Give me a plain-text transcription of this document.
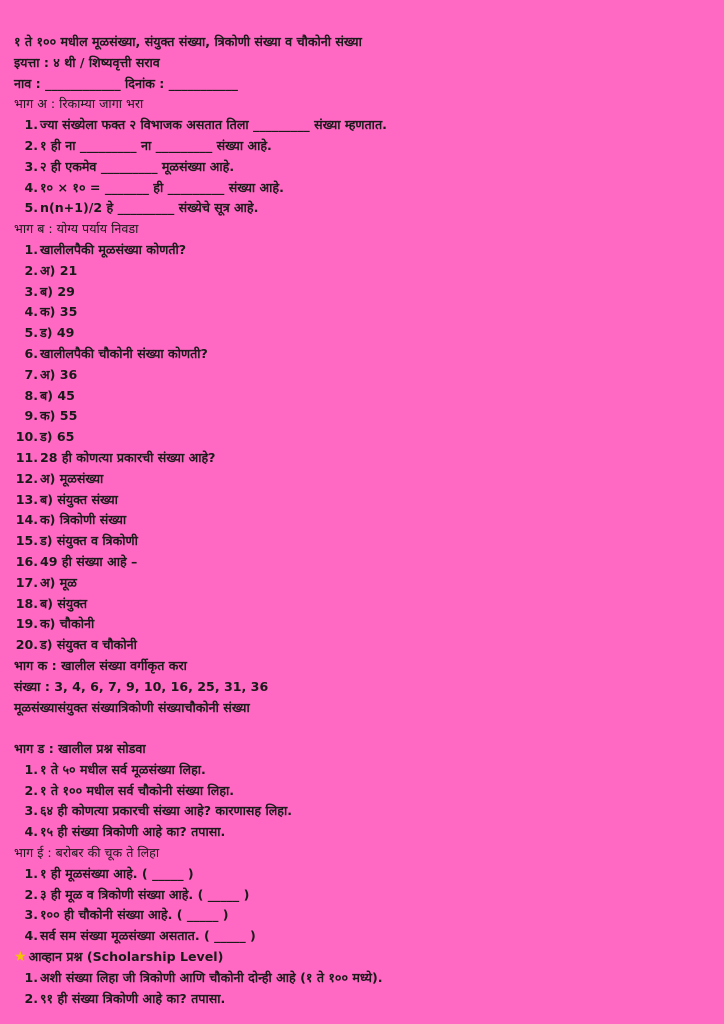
१ ते १०० मधील मूळसंख्या, संयुक्त संख्या, त्रिकोणी संख्या व चौकोनी संख्या
इयत्ता : ४ थी / शिष्यवृत्ती सराव
नाव : ____________ दिनांक : ___________
भाग अ : रिकाम्या जागा भरा
1. ज्या संख्येला फक्त २ विभाजक असतात तिला _________ संख्या म्हणतात.
2. १ ही ना _________ ना _________ संख्या आहे.
3. २ ही एकमेव _________ मूळसंख्या आहे.
4. १० × १० = _______ ही _________ संख्या आहे.
5. n(n+1)/2 हे _________ संख्येचे सूत्र आहे.
भाग ब : योग्य पर्याय निवडा
1. खालीलपैकी मूळसंख्या कोणती?
2. अ) 21
3. ब) 29
4. क) 35
5. ड) 49
6. खालीलपैकी चौकोनी संख्या कोणती?
7. अ) 36
8. ब) 45
9. क) 55
10. ड) 65
11. 28 ही कोणत्या प्रकारची संख्या आहे?
12. अ) मूळसंख्या
13. ब) संयुक्त संख्या
14. क) त्रिकोणी संख्या
15. ड) संयुक्त व त्रिकोणी
16. 49 ही संख्या आहे –
17. अ) मूळ
18. ब) संयुक्त
19. क) चौकोनी
20. ड) संयुक्त व चौकोनी
भाग क : खालील संख्या वर्गीकृत करा
संख्या : 3, 4, 6, 7, 9, 10, 16, 25, 31, 36
मूळसंख्यासंयुक्त संख्यात्रिकोणी संख्याचौकोनी संख्या
भाग ड : खालील प्रश्न सोडवा
1. १ ते ५० मधील सर्व मूळसंख्या लिहा.
2. १ ते १०० मधील सर्व चौकोनी संख्या लिहा.
3. ६४ ही कोणत्या प्रकारची संख्या आहे? कारणासह लिहा.
4. १५ ही संख्या त्रिकोणी आहे का? तपासा.
भाग ई : बरोबर की चूक ते लिहा
1. १ ही मूळसंख्या आहे. ( _____ )
2. ३ ही मूळ व त्रिकोणी संख्या आहे. ( _____ )
3. १०० ही चौकोनी संख्या आहे. ( _____ )
4. सर्व सम संख्या मूळसंख्या असतात. ( _____ )
★ आव्हान प्रश्न (Scholarship Level)
1. अशी संख्या लिहा जी त्रिकोणी आणि चौकोनी दोन्ही आहे (१ ते १०० मध्ये).
2. ९१ ही संख्या त्रिकोणी आहे का? तपासा.
